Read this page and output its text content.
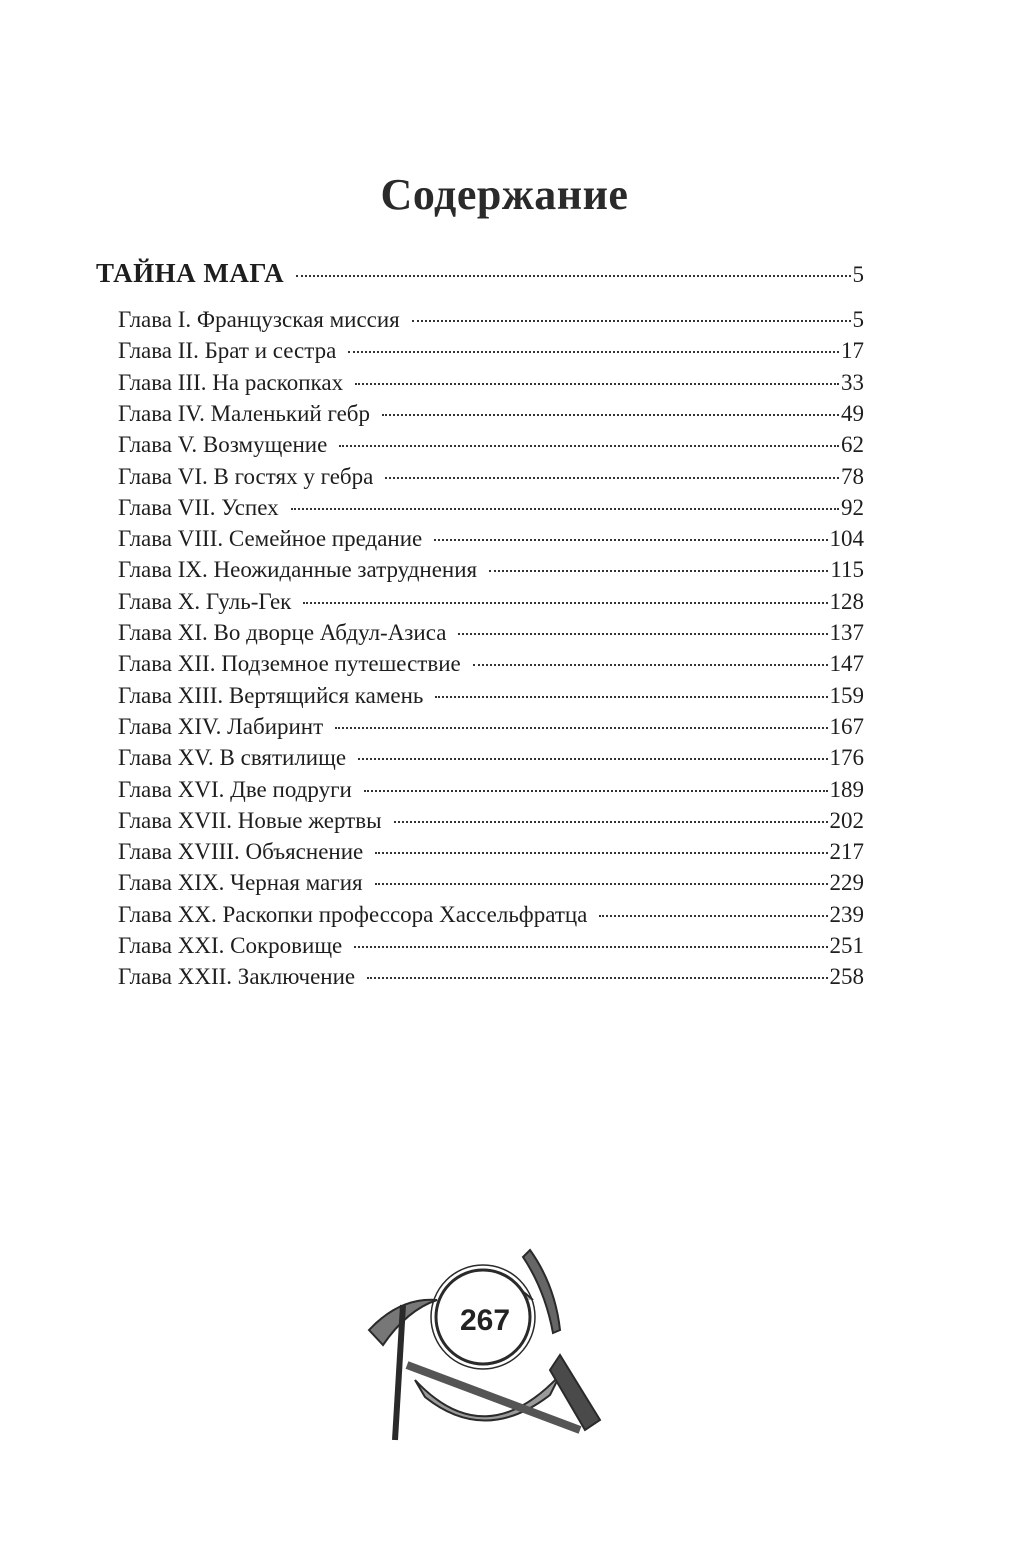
Содержание
ТАЙНА МАГА	5
Глава I. Французская миссия	5
Глава II. Брат и сестра	17
Глава III. На раскопках	33
Глава IV. Маленький гебр	49
Глава V. Возмущение	62
Глава VI. В гостях у гебра	78
Глава VII. Успех	92
Глава VIII. Семейное предание	104
Глава IX. Неожиданные затруднения	115
Глава X. Гуль-Гек	128
Глава XI. Во дворце Абдул-Азиса	137
Глава XII. Подземное путешествие	147
Глава XIII. Вертящийся камень	159
Глава XIV. Лабиринт	167
Глава XV. В святилище	176
Глава XVI. Две подруги	189
Глава XVII. Новые жертвы	202
Глава XVIII. Объяснение	217
Глава XIX. Черная магия	229
Глава XX. Раскопки профессора Хассельфратца	239
Глава XXI. Сокровище	251
Глава XXII. Заключение	258
267
